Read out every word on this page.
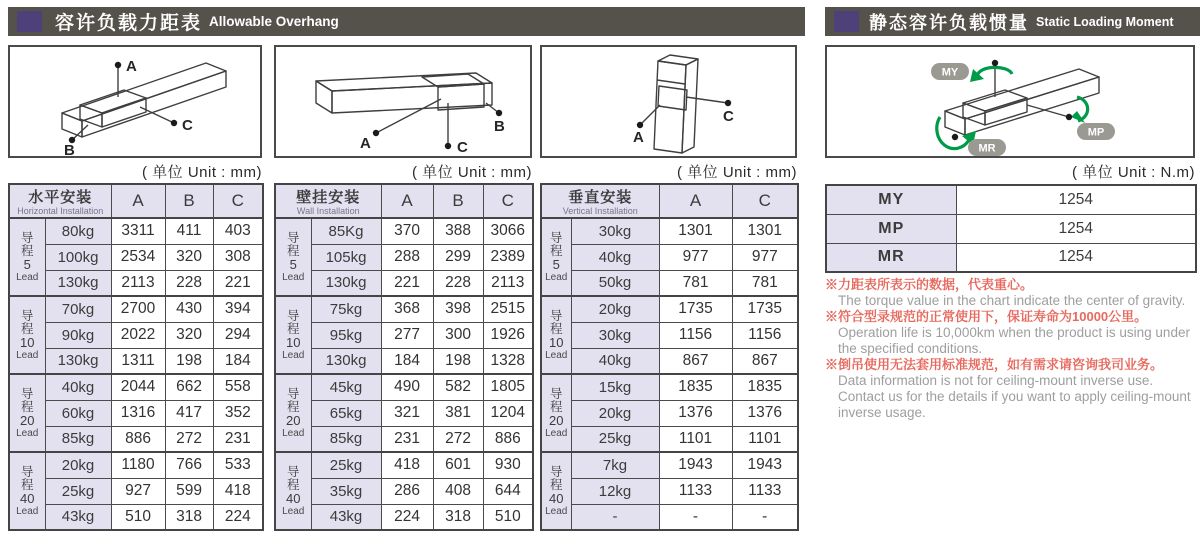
容许负载力距表 Allowable Overhang	静态容许负载惯量 Static Loading Moment
A
B
C
A
B
C
A
C
MY
MP
MR
( 单位 Unit : mm)	( 单位 Unit : mm)	( 单位 Unit : mm)	( 单位 Unit : N.m)
水平安装
Horizontal Installation		A	B	C

导
程
5
Lead	80kg	3311	411	403
	100kg	2534	320	308
	130kg	2113	228	221

导
程
10
Lead	70kg	2700	430	394
	90kg	2022	320	294
	130kg	1311	198	184

导
程
20
Lead	40kg	2044	662	558
	60kg	1316	417	352
	85kg	886	272	231

导
程
40
Lead	20kg	1180	766	533
	25kg	927	599	418
	43kg	510	318	224
壁挂安装
Wall Installation		A	B	C

导
程
5
Lead	85Kg	370	388	3066
	105kg	288	299	2389
	130kg	221	228	2113

导
程
10
Lead	75kg	368	398	2515
	95kg	277	300	1926
	130kg	184	198	1328

导
程
20
Lead	45kg	490	582	1805
	65kg	321	381	1204
	85kg	231	272	886

导
程
40
Lead	25kg	418	601	930
	35kg	286	408	644
	43kg	224	318	510
垂直安装
Vertical Installation		A	C

导
程
5
Lead	30kg	1301	1301
	40kg	977	977
	50kg	781	781

导
程
10
Lead	20kg	1735	1735
	30kg	1156	1156
	40kg	867	867

导
程
20
Lead	15kg	1835	1835
	20kg	1376	1376
	25kg	1101	1101

导
程
40
Lead	7kg	1943	1943
	12kg	1133	1133
	-	-	-
MY	1254
MP	1254
MR	1254
※力距表所表示的数据，代表重心。
The torque value in the chart indicate the center of gravity.
※符合型录规范的正常使用下，保证寿命为10000公里。
Operation life is 10,000km when the product is using under the specified conditions.
※倒吊使用无法套用标准规范，如有需求请咨询我司业务。
Data information is not for ceiling-mount inverse use. Contact us for the details if you want to apply ceiling-mount inverse usage.
